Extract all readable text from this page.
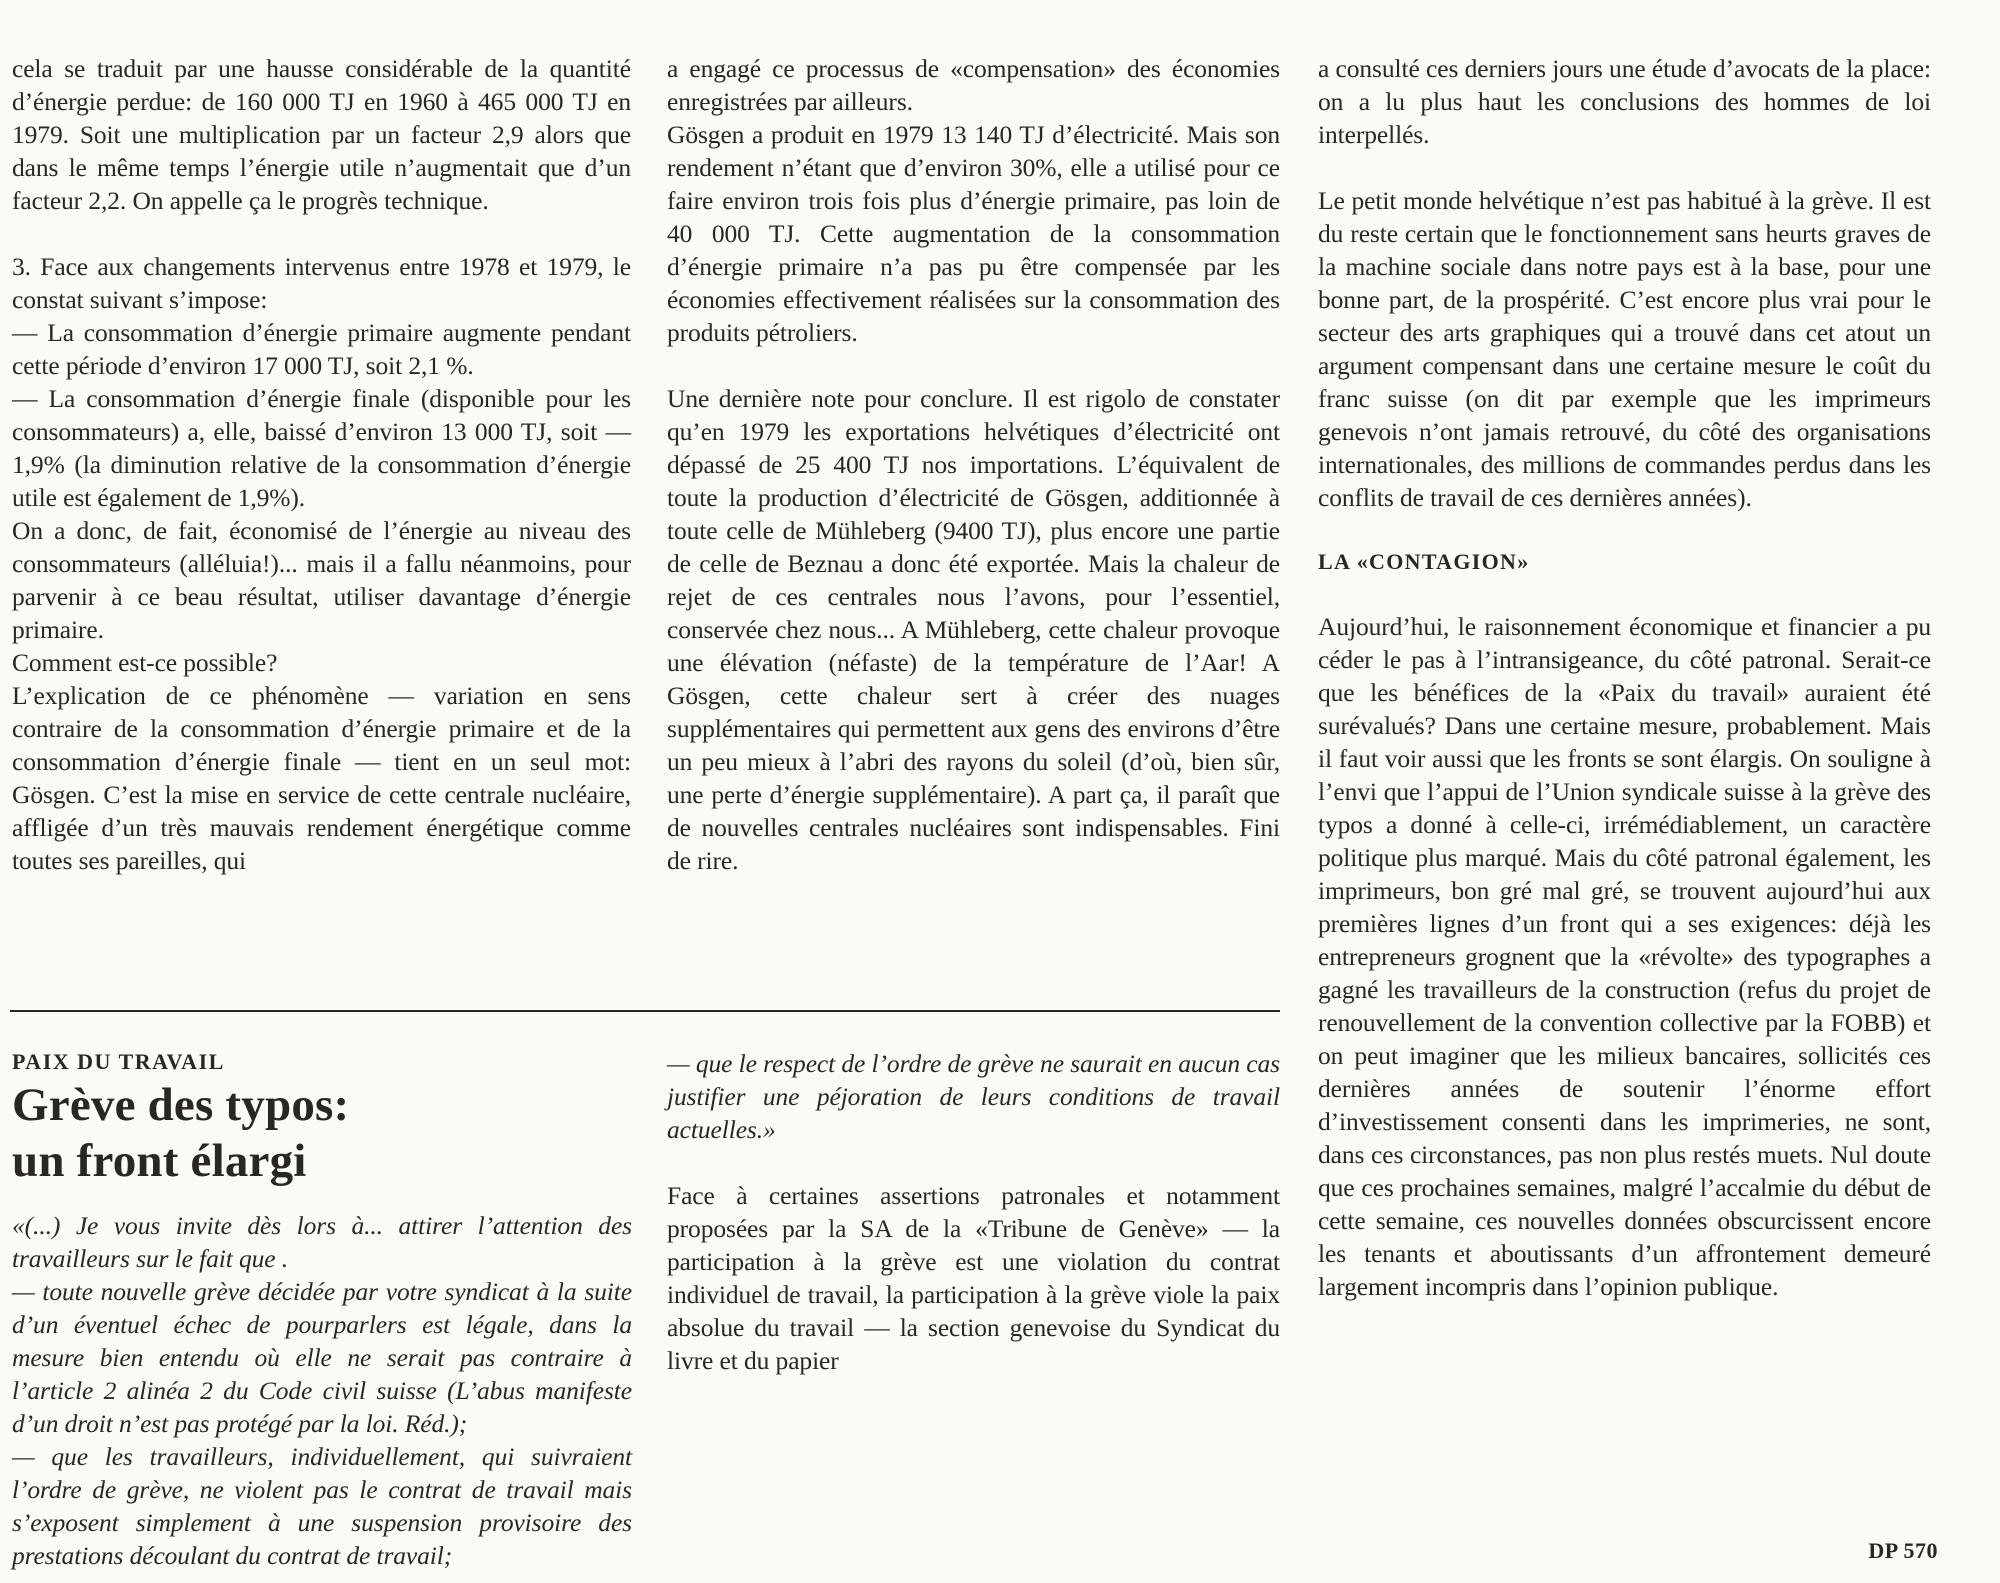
cela se traduit par une hausse considérable de la quantité d’énergie perdue: de 160 000 TJ en 1960 à 465 000 TJ en 1979. Soit une multiplication par un facteur 2,9 alors que dans le même temps l’énergie utile n’augmentait que d’un facteur 2,2. On appelle ça le progrès technique.

3. Face aux changements intervenus entre 1978 et 1979, le constat suivant s’impose:

— La consommation d’énergie primaire augmente pendant cette période d’environ 17 000 TJ, soit 2,1 %.

— La consommation d’énergie finale (disponible pour les consommateurs) a, elle, baissé d’environ 13 000 TJ, soit —1,9% (la diminution relative de la consommation d’énergie utile est également de 1,9%).

On a donc, de fait, économisé de l’énergie au niveau des consommateurs (alléluia!)... mais il a fallu néanmoins, pour parvenir à ce beau résultat, utiliser davantage d’énergie primaire.

Comment est-ce possible?

L’explication de ce phénomène — variation en sens contraire de la consommation d’énergie primaire et de la consommation d’énergie finale — tient en un seul mot: Gösgen. C’est la mise en service de cette centrale nucléaire, affligée d’un très mauvais rendement énergétique comme toutes ses pareilles, qui

a engagé ce processus de «compensation» des économies enregistrées par ailleurs.

Gösgen a produit en 1979 13 140 TJ d’électricité. Mais son rendement n’étant que d’environ 30%, elle a utilisé pour ce faire environ trois fois plus d’énergie primaire, pas loin de 40 000 TJ. Cette augmentation de la consommation d’énergie primaire n’a pas pu être compensée par les économies effectivement réalisées sur la consommation des produits pétroliers.

Une dernière note pour conclure. Il est rigolo de constater qu’en 1979 les exportations helvétiques d’électricité ont dépassé de 25 400 TJ nos importations. L’équivalent de toute la production d’électricité de Gösgen, additionnée à toute celle de Mühleberg (9400 TJ), plus encore une partie de celle de Beznau a donc été exportée. Mais la chaleur de rejet de ces centrales nous l’avons, pour l’essentiel, conservée chez nous... A Mühleberg, cette chaleur provoque une élévation (néfaste) de la température de l’Aar! A Gösgen, cette chaleur sert à créer des nuages supplémentaires qui permettent aux gens des environs d’être un peu mieux à l’abri des rayons du soleil (d’où, bien sûr, une perte d’énergie supplémentaire). A part ça, il paraît que de nouvelles centrales nucléaires sont indispensables. Fini de rire.

a consulté ces derniers jours une étude d’avocats de la place: on a lu plus haut les conclusions des hommes de loi interpellés.

Le petit monde helvétique n’est pas habitué à la grève. Il est du reste certain que le fonctionnement sans heurts graves de la machine sociale dans notre pays est à la base, pour une bonne part, de la prospérité. C’est encore plus vrai pour le secteur des arts graphiques qui a trouvé dans cet atout un argument compensant dans une certaine mesure le coût du franc suisse (on dit par exemple que les imprimeurs genevois n’ont jamais retrouvé, du côté des organisations internationales, des millions de commandes perdus dans les conflits de travail de ces dernières années).

LA «CONTAGION»

Aujourd’hui, le raisonnement économique et financier a pu céder le pas à l’intransigeance, du côté patronal. Serait-ce que les bénéfices de la «Paix du travail» auraient été surévalués? Dans une certaine mesure, probablement. Mais il faut voir aussi que les fronts se sont élargis. On souligne à l’envi que l’appui de l’Union syndicale suisse à la grève des typos a donné à celle-ci, irrémédiablement, un caractère politique plus marqué. Mais du côté patronal également, les imprimeurs, bon gré mal gré, se trouvent aujourd’hui aux premières lignes d’un front qui a ses exigences: déjà les entrepreneurs grognent que la «révolte» des typographes a gagné les travailleurs de la construction (refus du projet de renouvellement de la convention collective par la FOBB) et on peut imaginer que les milieux bancaires, sollicités ces dernières années de soutenir l’énorme effort d’investissement consenti dans les imprimeries, ne sont, dans ces circonstances, pas non plus restés muets. Nul doute que ces prochaines semaines, malgré l’accalmie du début de cette semaine, ces nouvelles données obscurcissent encore les tenants et aboutissants d’un affrontement demeuré largement incompris dans l’opinion publique.

PAIX DU TRAVAIL

Grève des typos:
un front élargi

«(...) Je vous invite dès lors à... attirer l’attention des travailleurs sur le fait que .

— toute nouvelle grève décidée par votre syndicat à la suite d’un éventuel échec de pourparlers est légale, dans la mesure bien entendu où elle ne serait pas contraire à l’article 2 alinéa 2 du Code civil suisse (L’abus manifeste d’un droit n’est pas protégé par la loi. Réd.);

— que les travailleurs, individuellement, qui suivraient l’ordre de grève, ne violent pas le contrat de travail mais s’exposent simplement à une suspension provisoire des prestations découlant du contrat de travail;

— que le respect de l’ordre de grève ne saurait en aucun cas justifier une péjoration de leurs conditions de travail actuelles.»

Face à certaines assertions patronales et notamment proposées par la SA de la «Tribune de Genève» — la participation à la grève est une violation du contrat individuel de travail, la participation à la grève viole la paix absolue du travail — la section genevoise du Syndicat du livre et du papier

DP 570
